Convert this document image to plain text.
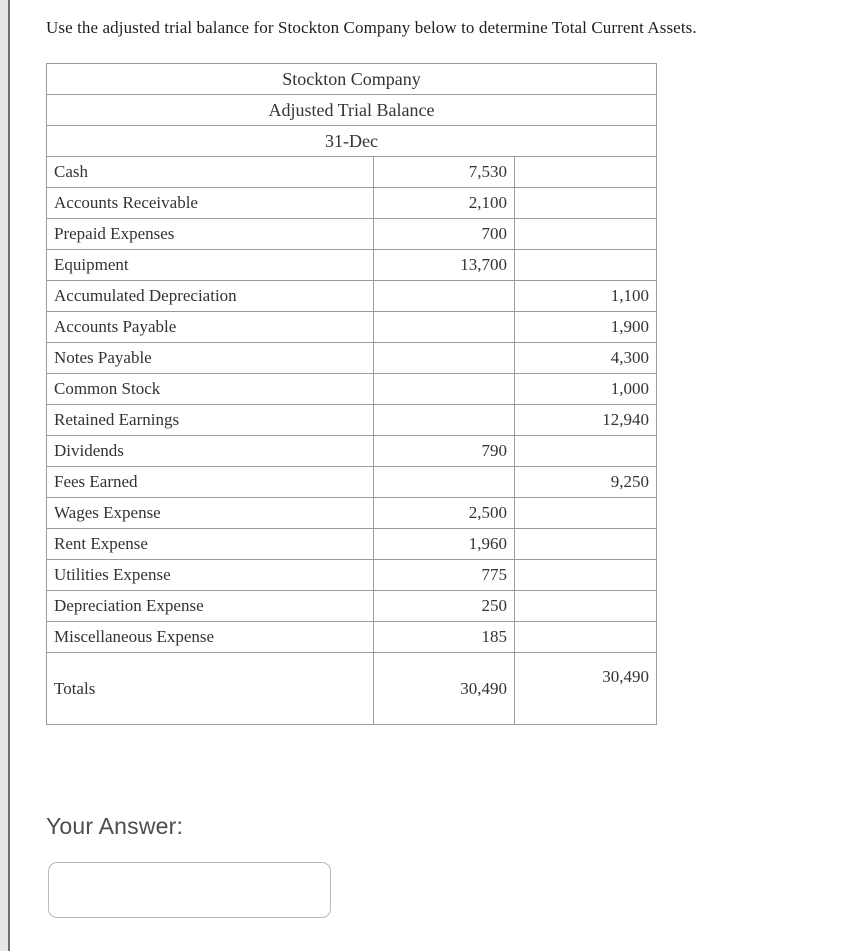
Use the adjusted trial balance for Stockton Company below to determine Total Current Assets.

Stockton Company		
Adjusted Trial Balance		
31-Dec		
Cash	7,530	
Accounts Receivable	2,100	
Prepaid Expenses	700	
Equipment	13,700	
Accumulated Depreciation		1,100
Accounts Payable		1,900
Notes Payable		4,300
Common Stock		1,000
Retained Earnings		12,940
Dividends	790	
Fees Earned		9,250
Wages Expense	2,500	
Rent Expense	1,960	
Utilities Expense	775	
Depreciation Expense	250	
Miscellaneous Expense	185	
Totals	30,490	30,490
Your Answer:
